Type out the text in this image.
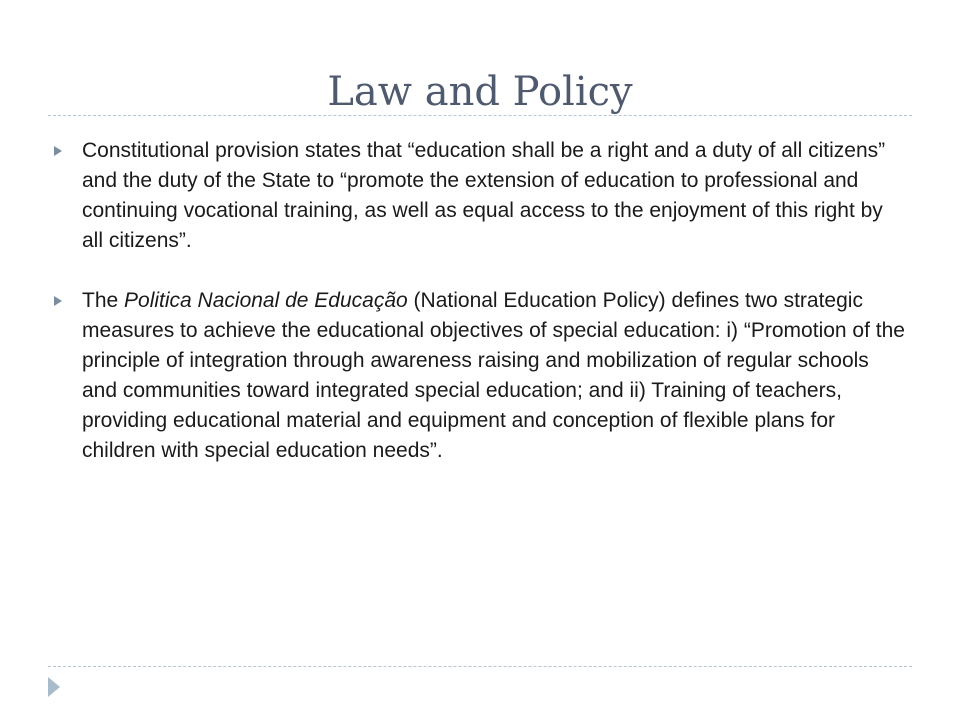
Law and Policy
Constitutional provision states that “education shall be a right and a duty of all citizens” and the duty of the State to “promote the extension of education to professional and continuing vocational training, as well as equal access to the enjoyment of this right by all citizens”.
The Politica Nacional de Educação (National Education Policy) defines two strategic measures to achieve the educational objectives of special education: i) “Promotion of the principle of integration through awareness raising and mobilization of regular schools and communities toward integrated special education; and ii) Training of teachers, providing educational material and equipment and conception of flexible plans for children with special education needs”.
